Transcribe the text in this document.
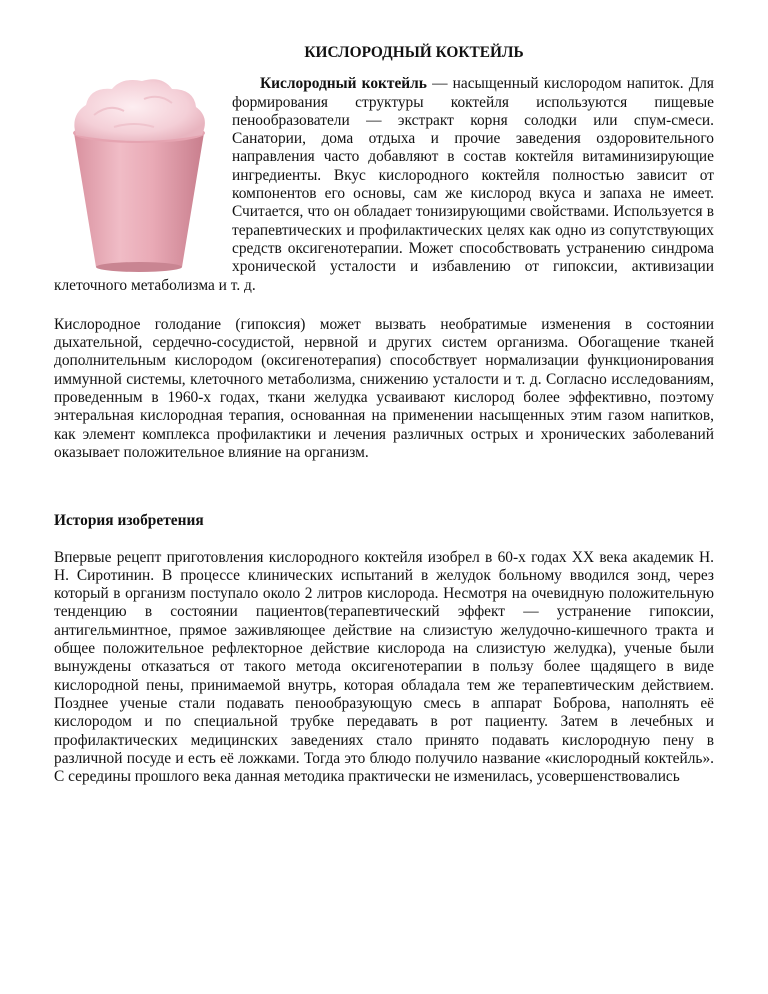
КИСЛОРОДНЫЙ КОКТЕЙЛЬ

Кислородный коктейль — насыщенный кислородом напиток. Для формирования структуры коктейля используются пищевые пенообразователи — экстракт корня солодки или спум-смеси. Санатории, дома отдыха и прочие заведения оздоровительного направления часто добавляют в состав коктейля витаминизирующие ингредиенты. Вкус кислородного коктейля полностью зависит от компонентов его основы, сам же кислород вкуса и запаха не имеет. Считается, что он обладает тонизирующими свойствами. Используется в терапевтических и профилактических целях как одно из сопутствующих средств оксигенотерапии. Может способствовать устранению синдрома хронической усталости и избавлению от гипоксии, активизации клеточного метаболизма и т. д.

Кислородное голодание (гипоксия) может вызвать необратимые изменения в состоянии дыхательной, сердечно-сосудистой, нервной и других систем организма. Обогащение тканей дополнительным кислородом (оксигенотерапия) способствует нормализации функционирования иммунной системы, клеточного метаболизма, снижению усталости и т. д. Согласно исследованиям, проведенным в 1960-х годах, ткани желудка усваивают кислород более эффективно, поэтому энтеральная кислородная терапия, основанная на применении насыщенных этим газом напитков, как элемент комплекса профилактики и лечения различных острых и хронических заболеваний оказывает положительное влияние на организм.

История изобретения

Впервые рецепт приготовления кислородного коктейля изобрел в 60-х годах XX века академик Н. Н. Сиротинин. В процессе клинических испытаний в желудок больному вводился зонд, через который в организм поступало около 2 литров кислорода. Несмотря на очевидную положительную тенденцию в состоянии пациентов(терапевтический эффект — устранение гипоксии, антигельминтное, прямое заживляющее действие на слизистую желудочно-кишечного тракта и общее положительное рефлекторное действие кислорода на слизистую желудка), ученые были вынуждены отказаться от такого метода оксигенотерапии в пользу более щадящего в виде кислородной пены, принимаемой внутрь, которая обладала тем же терапевтическим действием. Позднее ученые стали подавать пенообразующую смесь в аппарат Боброва, наполнять её кислородом и по специальной трубке передавать в рот пациенту. Затем в лечебных и профилактических медицинских заведениях стало принято подавать кислородную пену в различной посуде и есть её ложками. Тогда это блюдо получило название «кислородный коктейль». С середины прошлого века данная методика практически не изменилась, усовершенствовались
